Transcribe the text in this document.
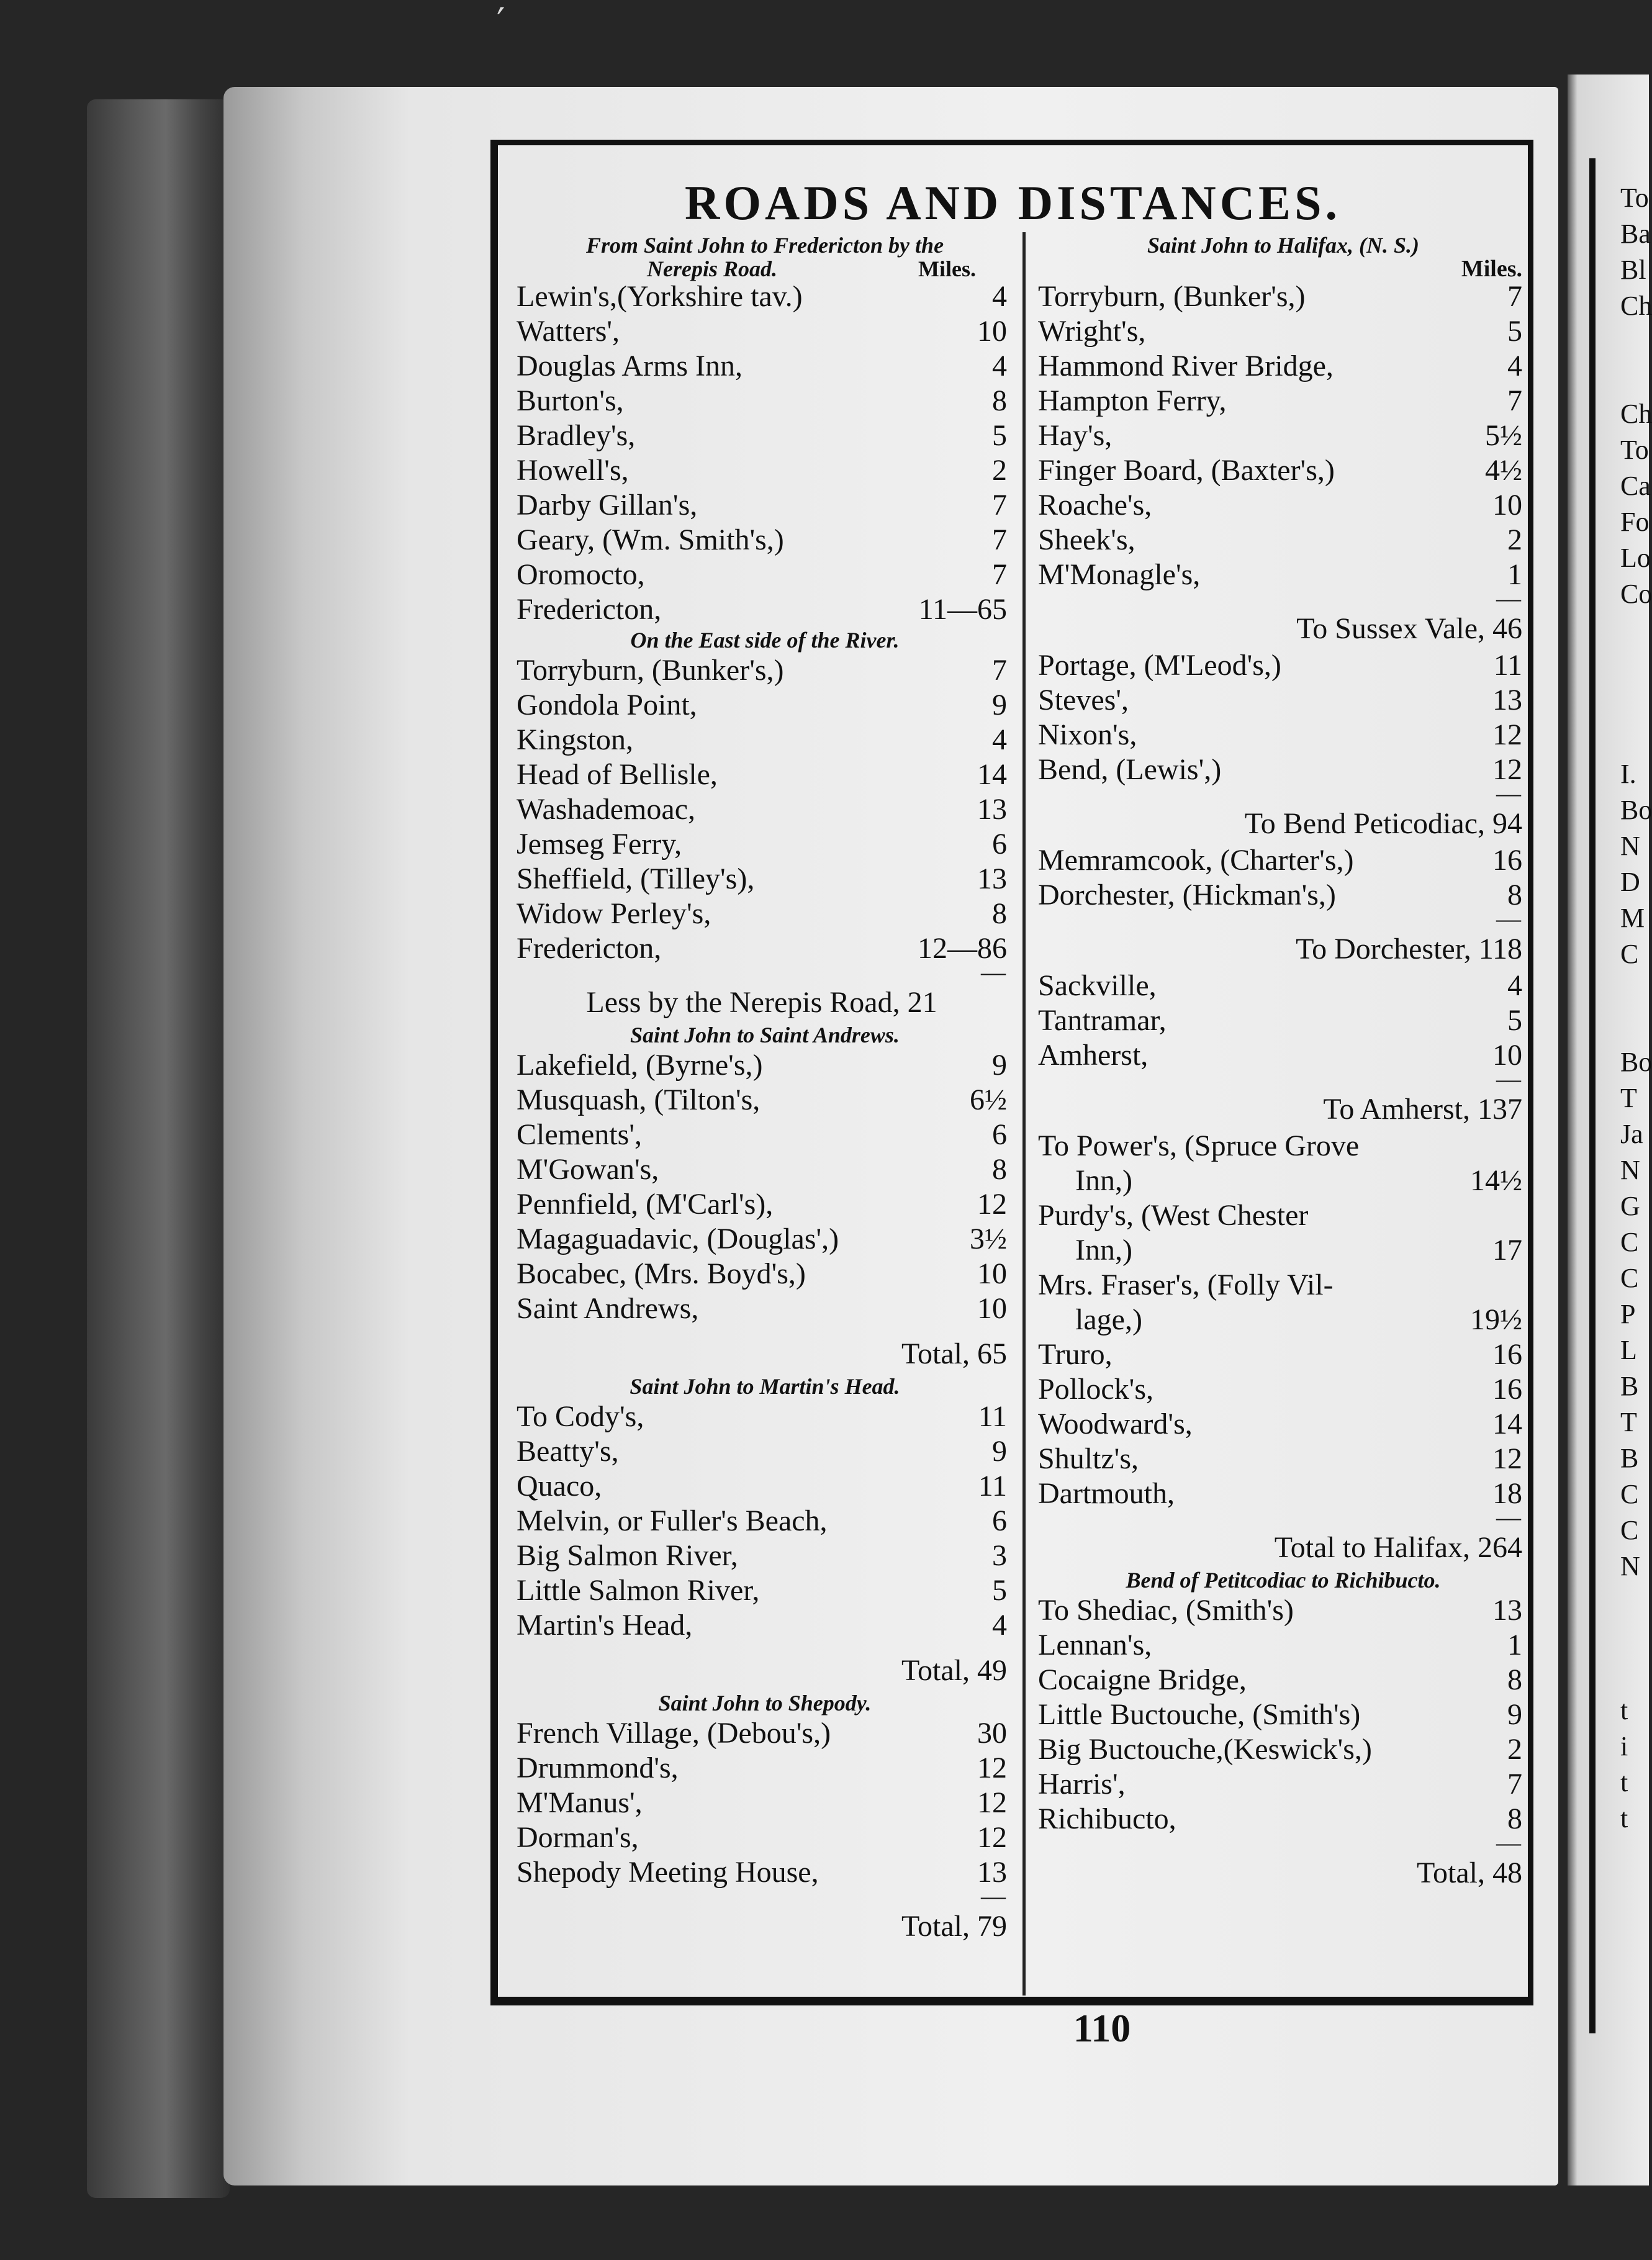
To
Ba
Bl
Ch
Ch
To
Ca
Fo
Lo
Co
I.
Bo
N
D
M
C
Bo
T
Ja
N
G
C
C
P
L
B
T
B
C
C
N
t
i
t
t
′
ROADS AND DISTANCES.
From Saint John to Fredericton by the
Nerepis Road.	Miles.
Lewin's,(Yorkshire tav.)	4
Watters',	10
Douglas Arms Inn,	4
Burton's,	8
Bradley's,	5
Howell's,	2
Darby Gillan's,	7
Geary, (Wm. Smith's,)	7
Oromocto,	7
Fredericton,	11—65
On the East side of the River.
Torryburn, (Bunker's,)	7
Gondola Point,	9
Kingston,	4
Head of Bellisle,	14
Washademoac,	13
Jemseg Ferry,	6
Sheffield, (Tilley's),	13
Widow Perley's,	8
Fredericton,	12—86
—
Less by the Nerepis Road, 21
Saint John to Saint Andrews.
Lakefield, (Byrne's,)	9
Musquash, (Tilton's,	6½
Clements',	6
M'Gowan's,	8
Pennfield, (M'Carl's),	12
Magaguadavic, (Douglas',)	3½
Bocabec, (Mrs. Boyd's,)	10
Saint Andrews,	10
Total, 65
Saint John to Martin's Head.
To Cody's,	11
Beatty's,	9
Quaco,	11
Melvin, or Fuller's Beach,	6
Big Salmon River,	3
Little Salmon River,	5
Martin's Head,	4
Total, 49
Saint John to Shepody.
French Village, (Debou's,)	30
Drummond's,	12
M'Manus',	12
Dorman's,	12
Shepody Meeting House,	13
—
Total, 79
Saint John to Halifax, (N. S.)
Miles.
Torryburn, (Bunker's,)	7
Wright's,	5
Hammond River Bridge,	4
Hampton Ferry,	7
Hay's,	5½
Finger Board, (Baxter's,)	4½
Roache's,	10
Sheek's,	2
M'Monagle's,	1
—
To Sussex Vale, 46
Portage, (M'Leod's,)	11
Steves',	13
Nixon's,	12
Bend, (Lewis',)	12
—
To Bend Peticodiac, 94
Memramcook, (Charter's,)	16
Dorchester, (Hickman's,)	8
—
To Dorchester, 118
Sackville,	4
Tantramar,	5
Amherst,	10
—
To Amherst, 137
To Power's, (Spruce Grove
Inn,)	14½
Purdy's, (West Chester
Inn,)	17
Mrs. Fraser's, (Folly Vil-
lage,)	19½
Truro,	16
Pollock's,	16
Woodward's,	14
Shultz's,	12
Dartmouth,	18
—
Total to Halifax, 264
Bend of Petitcodiac to Richibucto.
To Shediac, (Smith's)	13
Lennan's,	1
Cocaigne Bridge,	8
Little Buctouche, (Smith's)	9
Big Buctouche,(Keswick's,)	2
Harris',	7
Richibucto,	8
—
Total, 48
110
